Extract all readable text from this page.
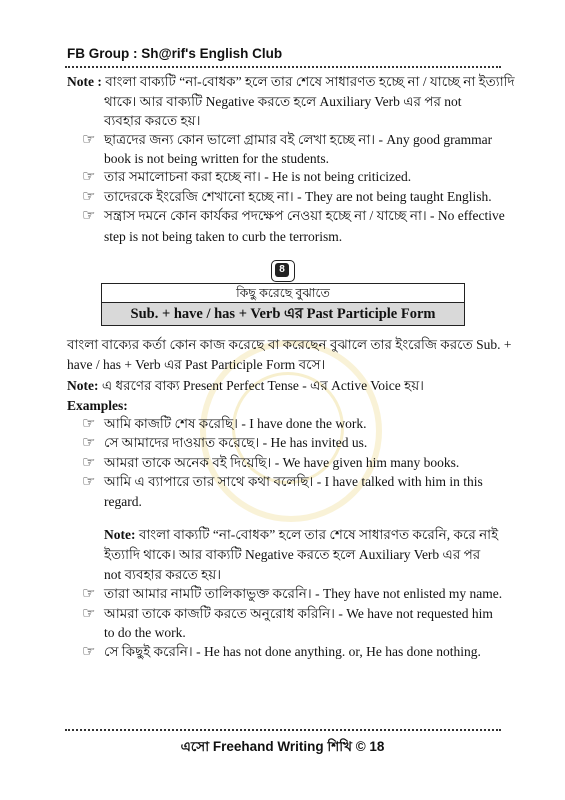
FB Group : Sh@rif's English Club
Note : বাংলা বাক্যটি “না-বোধক” হলে তার শেষে সাধারণত হচ্ছে না / যাচ্ছে না ইত্যাদি
থাকে। আর বাক্যটি Negative করতে হলে Auxiliary Verb এর পর not
ব্যবহার করতে হয়।
☞ ছাত্রদের জন্য কোন ভালো গ্রামার বই লেখা হচ্ছে না। - Any good grammar
book is not being written for the students.
☞ তার সমালোচনা করা হচ্ছে না। - He is not being criticized.
☞ তাদেরকে ইংরেজি শেখানো হচ্ছে না। - They are not being taught English.
☞ সন্ত্রাস দমনে কোন কার্যকর পদক্ষেপ নেওয়া হচ্ছে না / যাচ্ছে না। - No effective
step is not being taken to curb the terrorism.
8
কিছু করেছে বুঝাতে
Sub. + have / has + Verb এর Past Participle Form
বাংলা বাক্যের কর্তা কোন কাজ করেছে বা করেছেন বুঝালে তার ইংরেজি করতে Sub. +
have / has + Verb এর Past Participle Form বসে।
Note: এ ধরণের বাক্য Present Perfect Tense - এর Active Voice হয়।
Examples:
☞ আমি কাজটি শেষ করেছি। - I have done the work.
☞ সে আমাদের দাওয়াত করেছে। - He has invited us.
☞ আমরা তাকে অনেক বই দিয়েছি। - We have given him many books.
☞ আমি এ ব্যাপারে তার সাথে কথা বলেছি। - I have talked with him in this
regard.
Note: বাংলা বাক্যটি “না-বোধক” হলে তার শেষে সাধারণত করেনি, করে নাই
ইত্যাদি থাকে। আর বাক্যটি Negative করতে হলে Auxiliary Verb এর পর
not ব্যবহার করতে হয়।
☞ তারা আমার নামটি তালিকাভুক্ত করেনি। - They have not enlisted my name.
☞ আমরা তাকে কাজটি করতে অনুরোধ করিনি। - We have not requested him
to do the work.
☞ সে কিছুই করেনি। - He has not done anything. or, He has done nothing.
এসো Freehand Writing শিখি © 18
